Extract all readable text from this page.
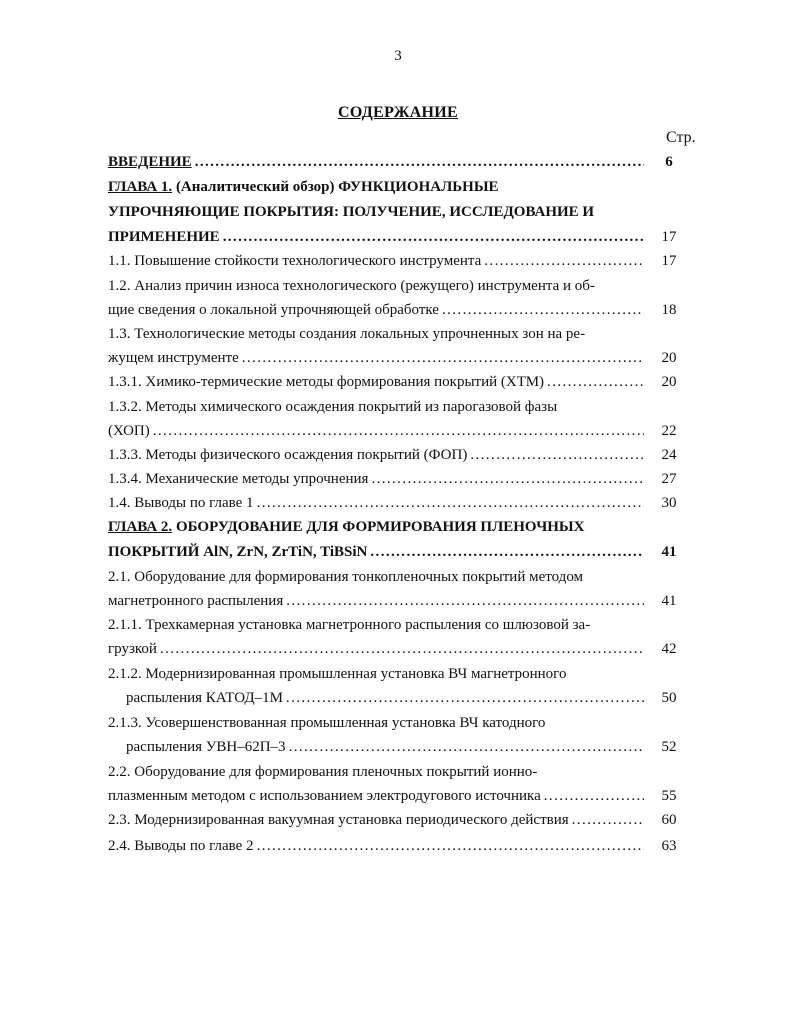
3
СОДЕРЖАНИЕ
Стр.
ВВЕДЕНИЕ .....	6
ГЛАВА 1. (Аналитический обзор) ФУНКЦИОНАЛЬНЫЕ
УПРОЧНЯЮЩИЕ ПОКРЫТИЯ: ПОЛУЧЕНИЕ, ИССЛЕДОВАНИЕ И
ПРИМЕНЕНИЕ .....	17
1.1. Повышение стойкости технологического инструмента .....	17
1.2. Анализ причин износа технологического (режущего) инструмента и об-
щие сведения о локальной упрочняющей обработке .....	18
1.3. Технологические методы создания локальных упрочненных зон на ре-
жущем инструменте .....	20
1.3.1. Химико-термические методы формирования покрытий (ХТМ) .....	20
1.3.2. Методы химического осаждения покрытий из парогазовой фазы
(ХОП) .....	22
1.3.3. Методы физического осаждения покрытий (ФОП) .....	24
1.3.4. Механические методы упрочнения .....	27
1.4. Выводы по главе 1 .....	30
ГЛАВА 2. ОБОРУДОВАНИЕ ДЛЯ ФОРМИРОВАНИЯ ПЛЕНОЧНЫХ
ПОКРЫТИЙ AlN, ZrN, ZrTiN, TiBSiN .....	41
2.1. Оборудование для формирования тонкопленочных покрытий методом
магнетронного распыления .....	41
2.1.1. Трехкамерная установка магнетронного распыления со шлюзовой за-
грузкой .....	42
2.1.2. Модернизированная промышленная установка ВЧ магнетронного
распыления КАТОД–1М .....	50
2.1.3. Усовершенствованная промышленная установка ВЧ катодного
распыления УВН–62П–3 .....	52
2.2. Оборудование для формирования пленочных покрытий ионно-
плазменным методом с использованием электродугового источника .....	55
2.3. Модернизированная вакуумная установка периодического действия .....	60
2.4. Выводы по главе 2 .....	63
